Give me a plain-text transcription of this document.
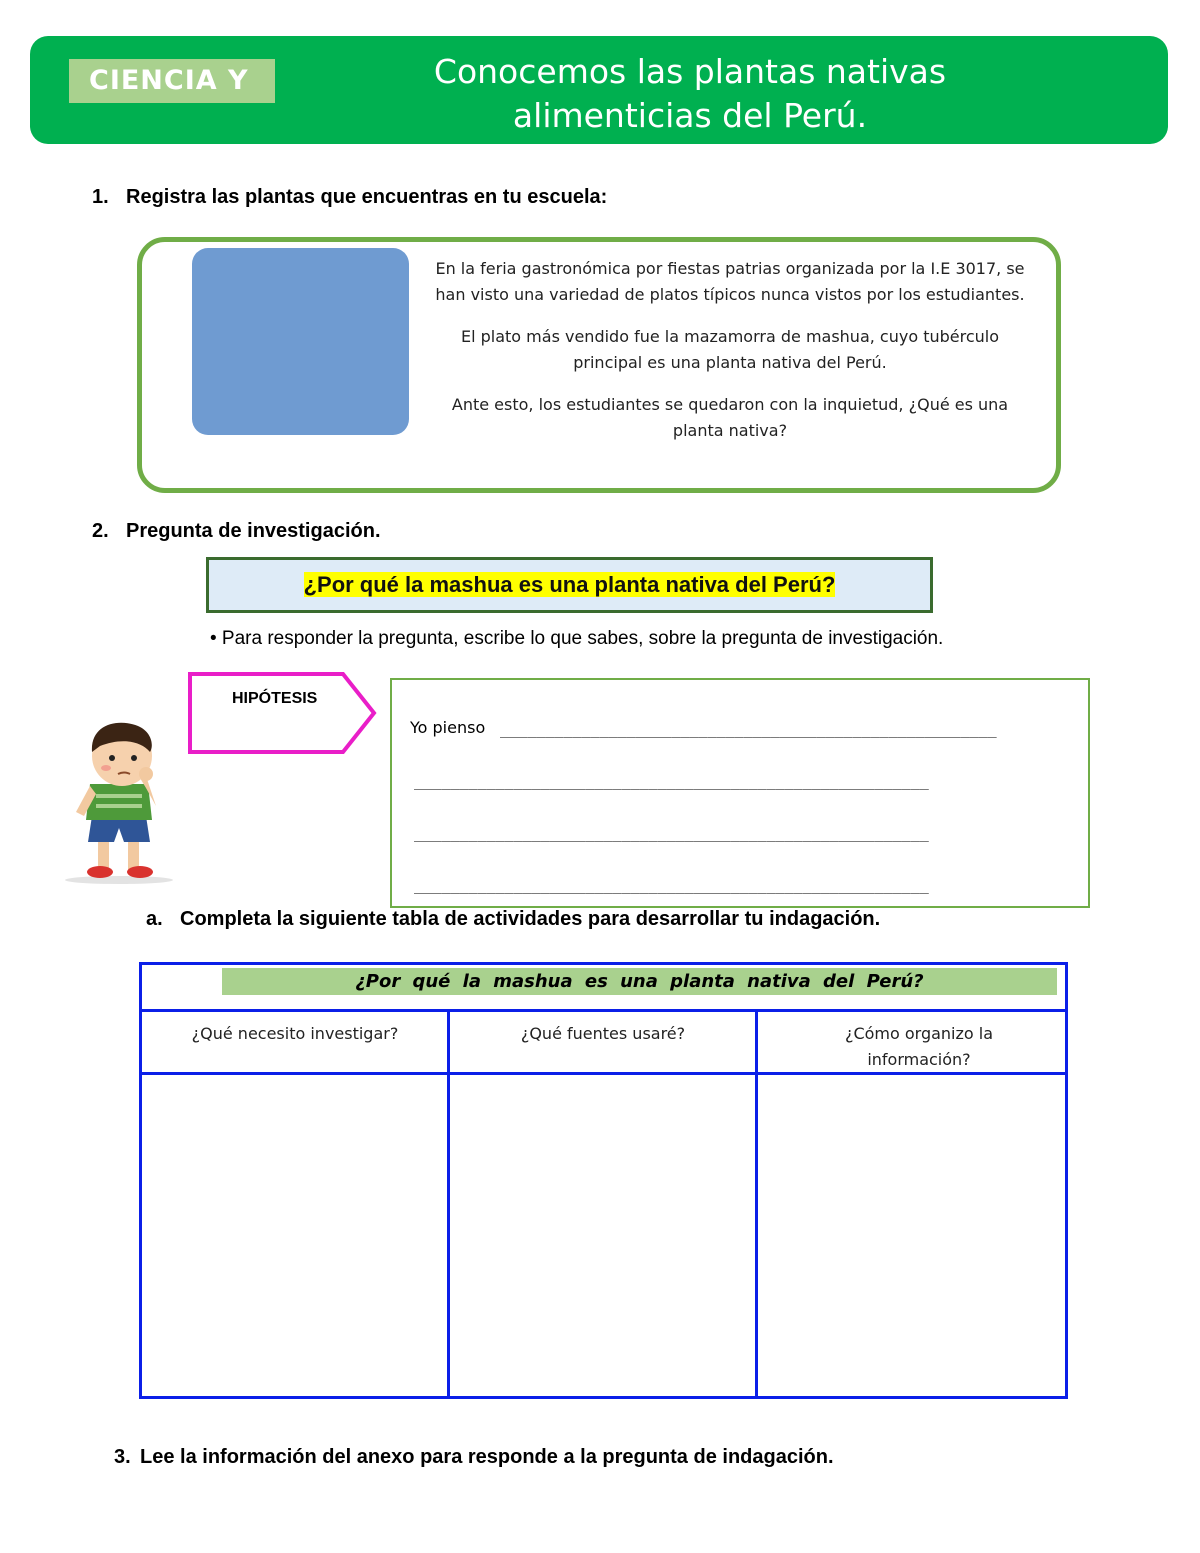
CIENCIA Y	Conocemos las plantas nativas
alimenticias del Perú.
1. Registra las plantas que encuentras en tu escuela:

En la feria gastronómica por fiestas patrias organizada por la I.E 3017, se han visto una variedad de platos típicos nunca vistos por los estudiantes.

El plato más vendido fue la mazamorra de mashua, cuyo tubérculo principal es una planta nativa del Perú.

Ante esto, los estudiantes se quedaron con la inquietud, ¿Qué es una planta nativa?

2. Pregunta de investigación.
¿Por qué la mashua es una planta nativa del Perú?
• Para responder la pregunta, escribe lo que sabes, sobre la pregunta de investigación.
HIPÓTESIS
Yo pienso _______________________________________________________
_________________________________________________________
_________________________________________________________
_________________________________________________________
a. Completa la siguiente tabla de actividades para desarrollar tu indagación.
¿Por qué la mashua es una planta nativa del Perú?
¿Qué necesito investigar?	¿Qué fuentes usaré?	¿Cómo organizo la información?
3. Lee la información del anexo para responde a la pregunta de indagación.
